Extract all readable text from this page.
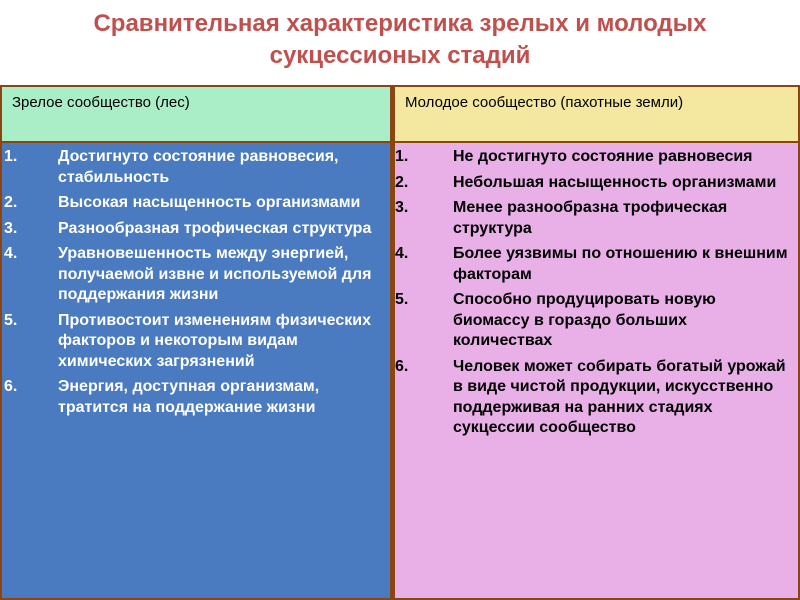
Сравнительная характеристика зрелых и молодых
сукцессионых стадий
Зрелое сообщество (лес)	Молодое сообщество (пахотные земли)
1.	Достигнуто состояние равновесия, стабильность
2.	Высокая насыщенность организмами
3.	Разнообразная трофическая структура
4.	Уравновешенность между энергией, получаемой извне и используемой для поддержания жизни
5.	Противостоит изменениям физических факторов и некоторым видам химических загрязнений
6.	Энергия, доступная организмам, тратится на поддержание жизни
1.	Не достигнуто состояние равновесия
2.	Небольшая насыщенность организмами
3.	Менее разнообразна трофическая структура
4.	Более уязвимы по отношению к внешним факторам
5.	Способно продуцировать новую биомассу в гораздо больших количествах
6.	Человек может собирать богатый урожай в виде чистой продукции, искусственно поддерживая на ранних стадиях сукцессии сообщество
